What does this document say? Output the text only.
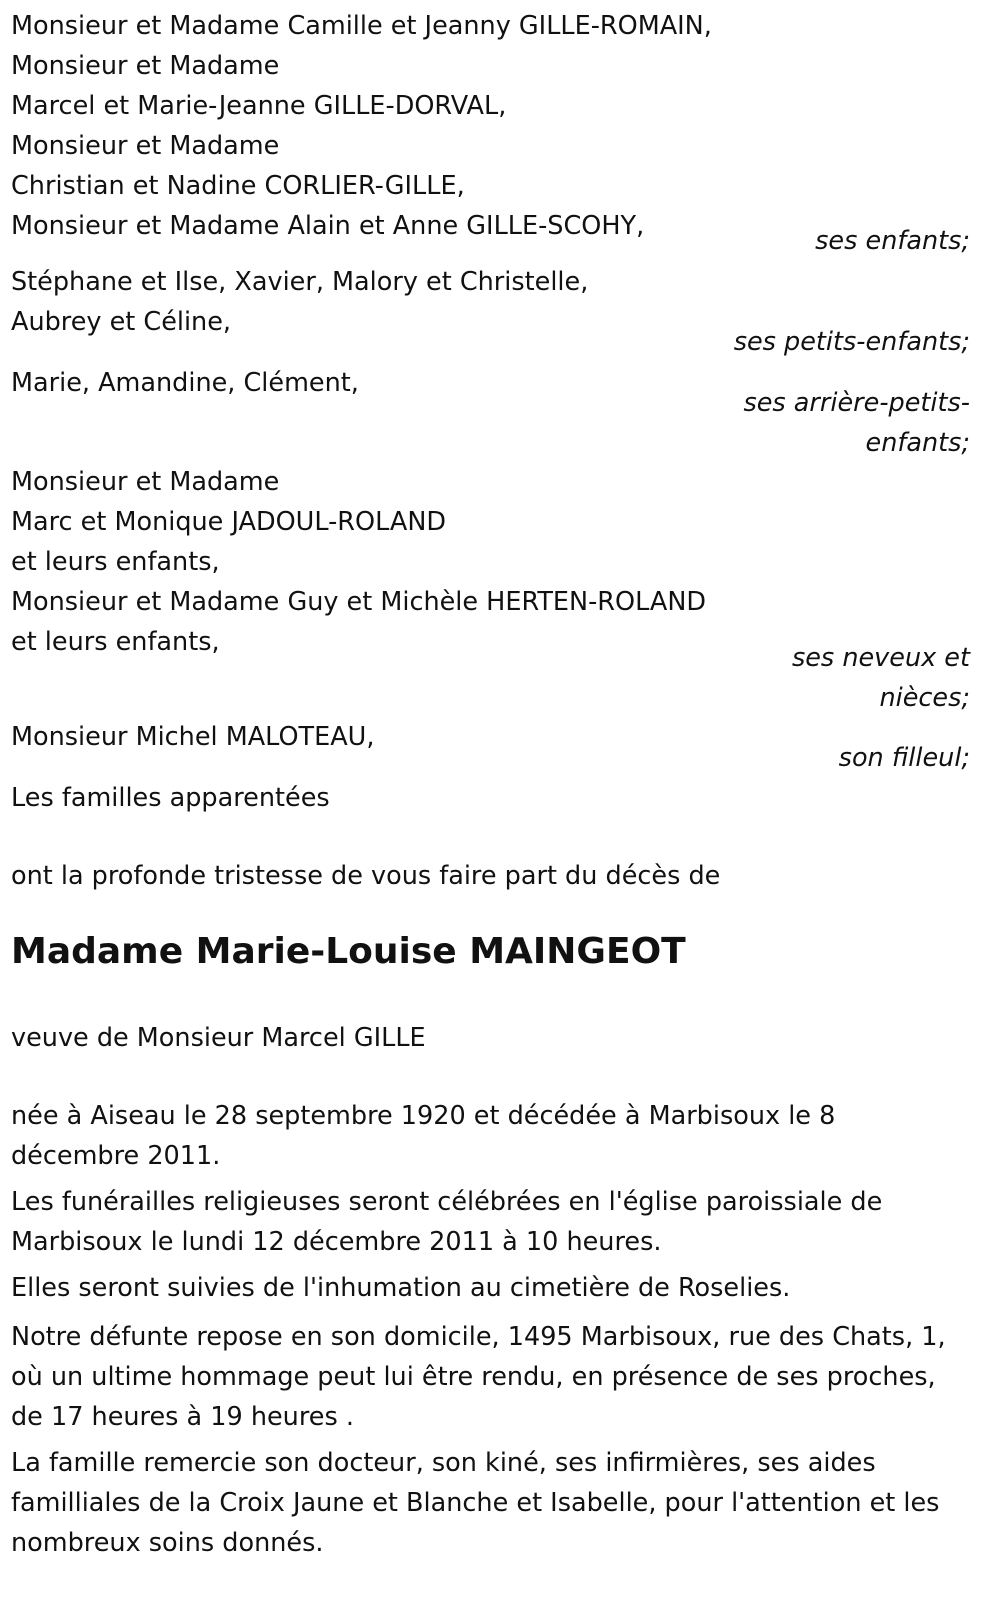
Monsieur et Madame Camille et Jeanny GILLE-ROMAIN,
Monsieur et Madame
Marcel et Marie-Jeanne GILLE-DORVAL,
Monsieur et Madame
Christian et Nadine CORLIER-GILLE,
Monsieur et Madame Alain et Anne GILLE-SCOHY,	ses enfants;
Stéphane et Ilse, Xavier, Malory et Christelle,
Aubrey et Céline,
ses petits-enfants;
Marie, Amandine, Clément,
ses arrière-petits-
enfants;
Monsieur et Madame
Marc et Monique JADOUL-ROLAND
et leurs enfants,
Monsieur et Madame Guy et Michèle HERTEN-ROLAND
et leurs enfants,
ses neveux et
nièces;
Monsieur Michel MALOTEAU,
son filleul;
Les familles apparentées
ont la profonde tristesse de vous faire part du décès de
Madame Marie-Louise MAINGEOT
veuve de Monsieur Marcel GILLE
née à Aiseau le 28 septembre 1920 et décédée à Marbisoux le 8 décembre 2011.
Les funérailles religieuses seront célébrées en l'église paroissiale de Marbisoux le lundi 12 décembre 2011 à 10 heures.
Elles seront suivies de l'inhumation au cimetière de Roselies.
Notre défunte repose en son domicile, 1495 Marbisoux, rue des Chats, 1, où un ultime hommage peut lui être rendu, en présence de ses proches, de 17 heures à 19 heures .
La famille remercie son docteur, son kiné, ses infirmières, ses aides familliales de la Croix Jaune et Blanche et Isabelle, pour l'attention et les nombreux soins donnés.
